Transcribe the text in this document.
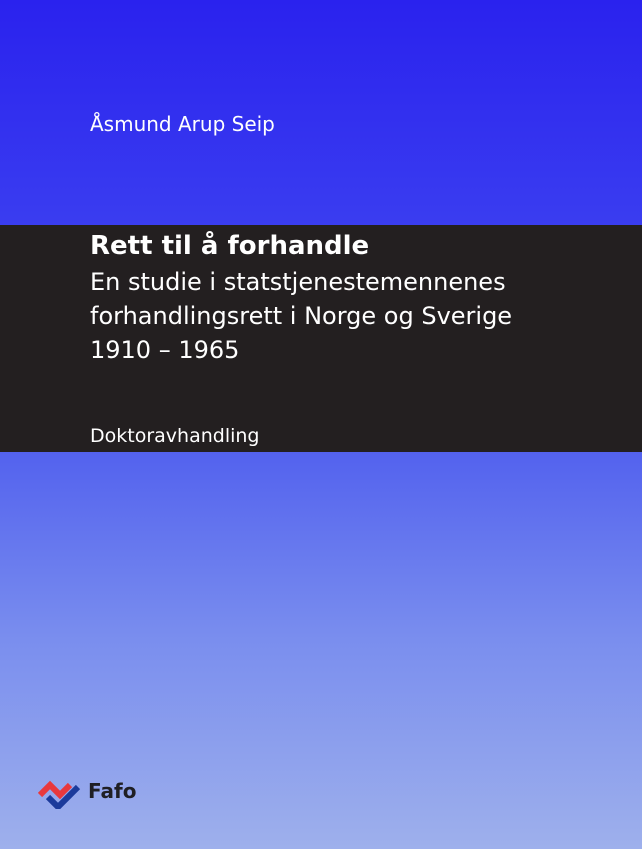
Åsmund Arup Seip
Rett til å forhandle
En studie i statstjenestemennenes
forhandlingsrett i Norge og Sverige
1910 – 1965
Doktoravhandling
Fafo
